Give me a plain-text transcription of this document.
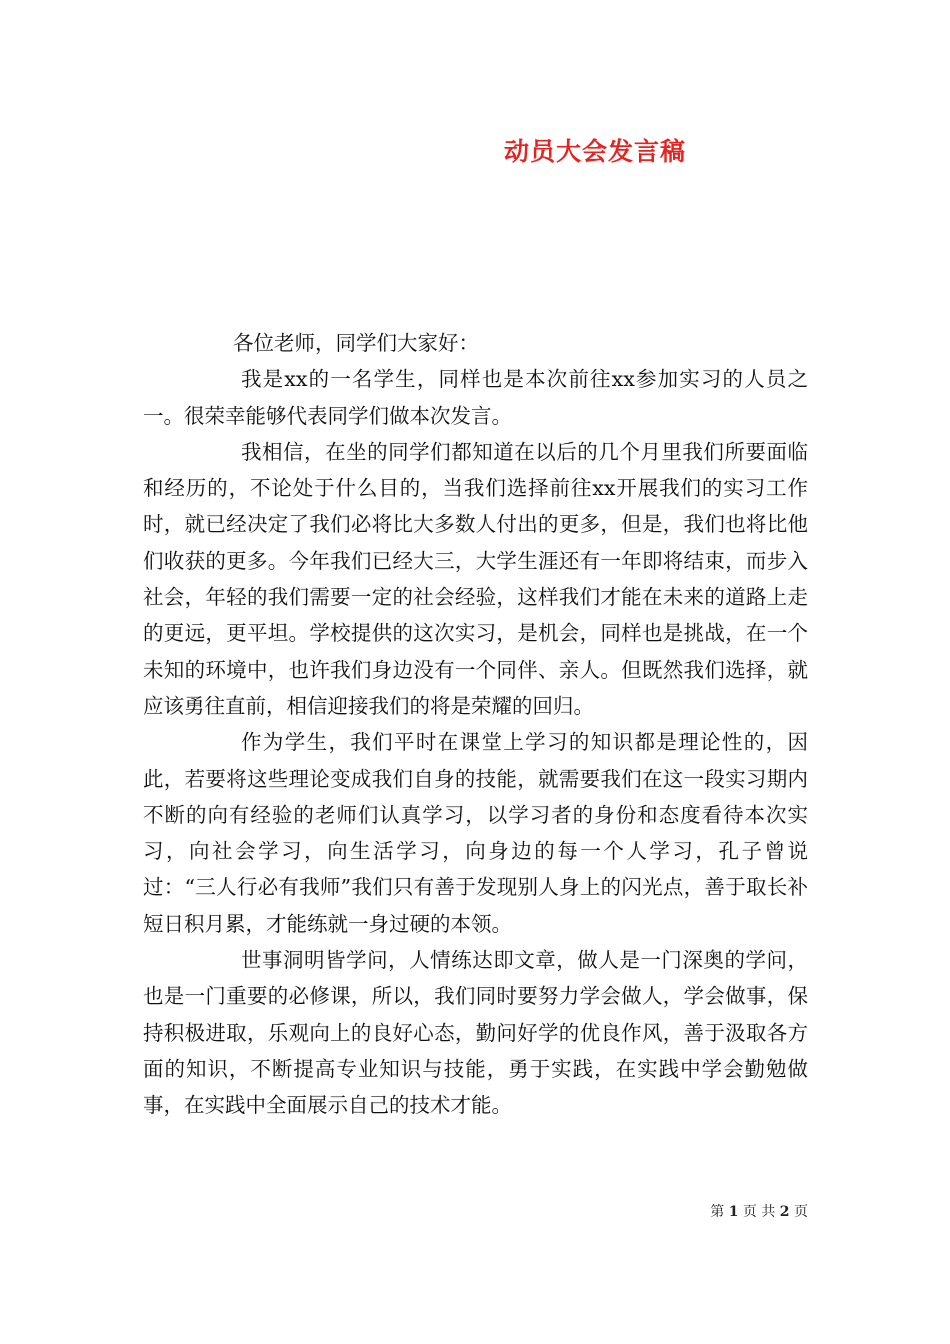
动员大会发言稿

各位老师，同学们大家好：

我是xx的一名学生，同样也是本次前往xx参加实习的人员之一。很荣幸能够代表同学们做本次发言。

我相信，在坐的同学们都知道在以后的几个月里我们所要面临和经历的，不论处于什么目的，当我们选择前往xx开展我们的实习工作时，就已经决定了我们必将比大多数人付出的更多，但是，我们也将比他们收获的更多。今年我们已经大三，大学生涯还有一年即将结束，而步入社会，年轻的我们需要一定的社会经验，这样我们才能在未来的道路上走的更远，更平坦。学校提供的这次实习，是机会，同样也是挑战，在一个未知的环境中，也许我们身边没有一个同伴、亲人。但既然我们选择，就应该勇往直前，相信迎接我们的将是荣耀的回归。

作为学生，我们平时在课堂上学习的知识都是理论性的，因此，若要将这些理论变成我们自身的技能，就需要我们在这一段实习期内不断的向有经验的老师们认真学习，以学习者的身份和态度看待本次实习，向社会学习，向生活学习，向身边的每一个人学习，孔子曾说过：“三人行必有我师”我们只有善于发现别人身上的闪光点，善于取长补短日积月累，才能练就一身过硬的本领。

世事洞明皆学问，人情练达即文章，做人是一门深奥的学问，也是一门重要的必修课，所以，我们同时要努力学会做人，学会做事，保持积极进取，乐观向上的良好心态，勤问好学的优良作风，善于汲取各方面的知识，不断提高专业知识与技能，勇于实践，在实践中学会勤勉做事，在实践中全面展示自己的技术才能。

第 1 页 共 2 页
